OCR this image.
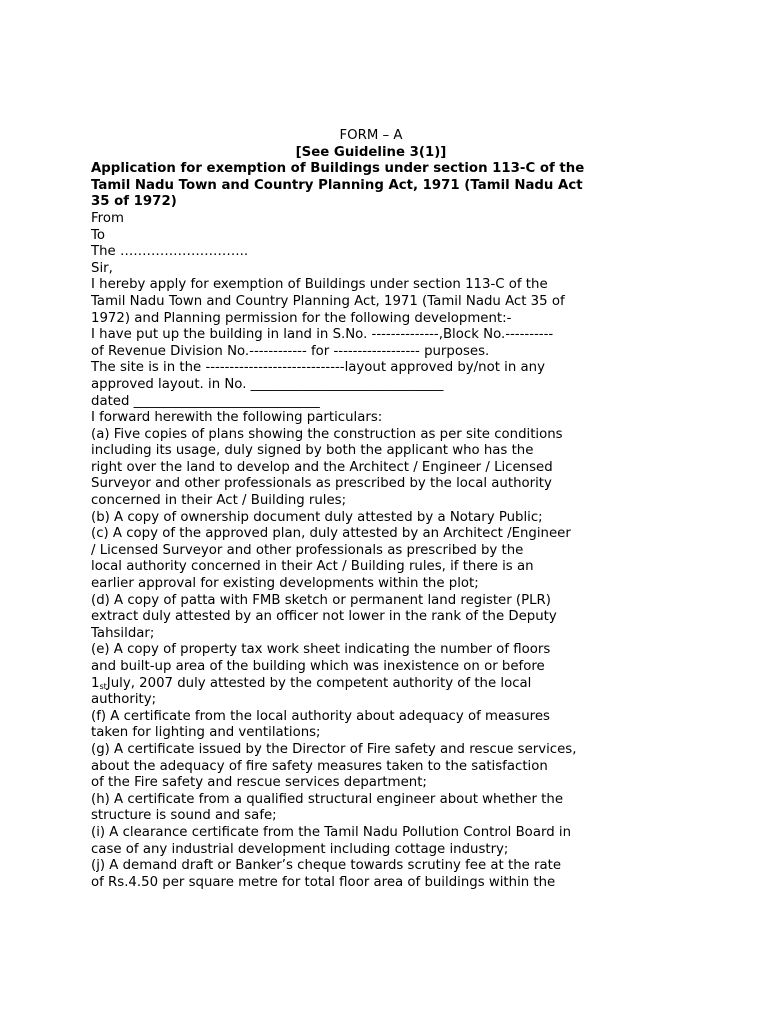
FORM – A
[See Guideline 3(1)]
Application for exemption of Buildings under section 113-C of the
Tamil Nadu Town and Country Planning Act, 1971 (Tamil Nadu Act
35 of 1972)
From
To
The ………………………..
Sir,
I hereby apply for exemption of Buildings under section 113-C of the
Tamil Nadu Town and Country Planning Act, 1971 (Tamil Nadu Act 35 of
1972) and Planning permission for the following development:-
I have put up the building in land in S.No. --------------,Block No.----------
of Revenue Division No.------------ for ------------------ purposes.
The site is in the -----------------------------layout approved by/not in any
approved layout. in No. _____________________________
dated ____________________________
I forward herewith the following particulars:
(a) Five copies of plans showing the construction as per site conditions
including its usage, duly signed by both the applicant who has the
right over the land to develop and the Architect / Engineer / Licensed
Surveyor and other professionals as prescribed by the local authority
concerned in their Act / Building rules;
(b) A copy of ownership document duly attested by a Notary Public;
(c) A copy of the approved plan, duly attested by an Architect /Engineer
/ Licensed Surveyor and other professionals as prescribed by the
local authority concerned in their Act / Building rules, if there is an
earlier approval for existing developments within the plot;
(d) A copy of patta with FMB sketch or permanent land register (PLR)
extract duly attested by an officer not lower in the rank of the Deputy
Tahsildar;
(e) A copy of property tax work sheet indicating the number of floors
and built-up area of the building which was inexistence on or before
$1_{st}July$, 2007 duly attested by the competent authority of the local
authority;
(f) A certificate from the local authority about adequacy of measures
taken for lighting and ventilations;
(g) A certificate issued by the Director of Fire safety and rescue services,
about the adequacy of fire safety measures taken to the satisfaction
of the Fire safety and rescue services department;
(h) A certificate from a qualified structural engineer about whether the
structure is sound and safe;
(i) A clearance certificate from the Tamil Nadu Pollution Control Board in
case of any industrial development including cottage industry;
(j) A demand draft or Banker’s cheque towards scrutiny fee at the rate
of Rs.4.50 per square metre for total floor area of buildings within the
